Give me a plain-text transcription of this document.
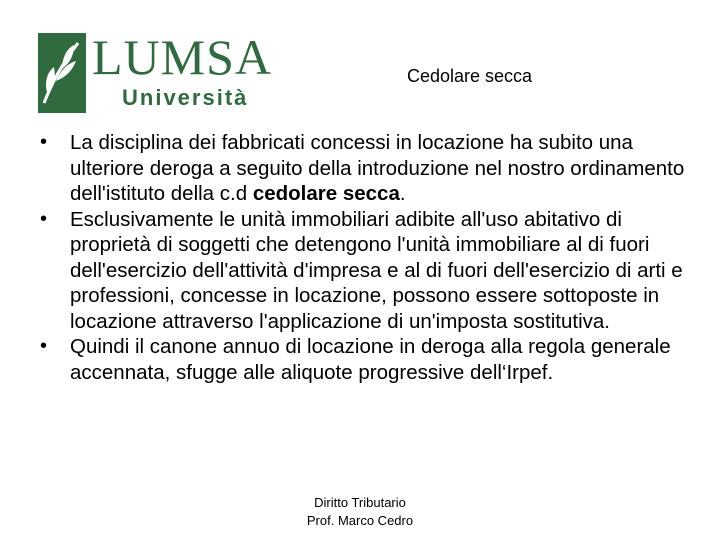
LUMSA
Università
Cedolare secca
• La disciplina dei fabbricati concessi in locazione ha subito una ulteriore deroga a seguito della introduzione nel nostro ordinamento dell'istituto della c.d cedolare secca.
• Esclusivamente le unità immobiliari adibite all'uso abitativo di proprietà di soggetti che detengono l'unità immobiliare al di fuori dell'esercizio dell'attività d'impresa e al di fuori dell'esercizio di arti e professioni, concesse in locazione, possono essere sottoposte in locazione attraverso l'applicazione di un'imposta sostitutiva.
• Quindi il canone annuo di locazione in deroga alla regola generale accennata, sfugge alle aliquote progressive dell‘Irpef.
Diritto Tributario
Prof. Marco Cedro
